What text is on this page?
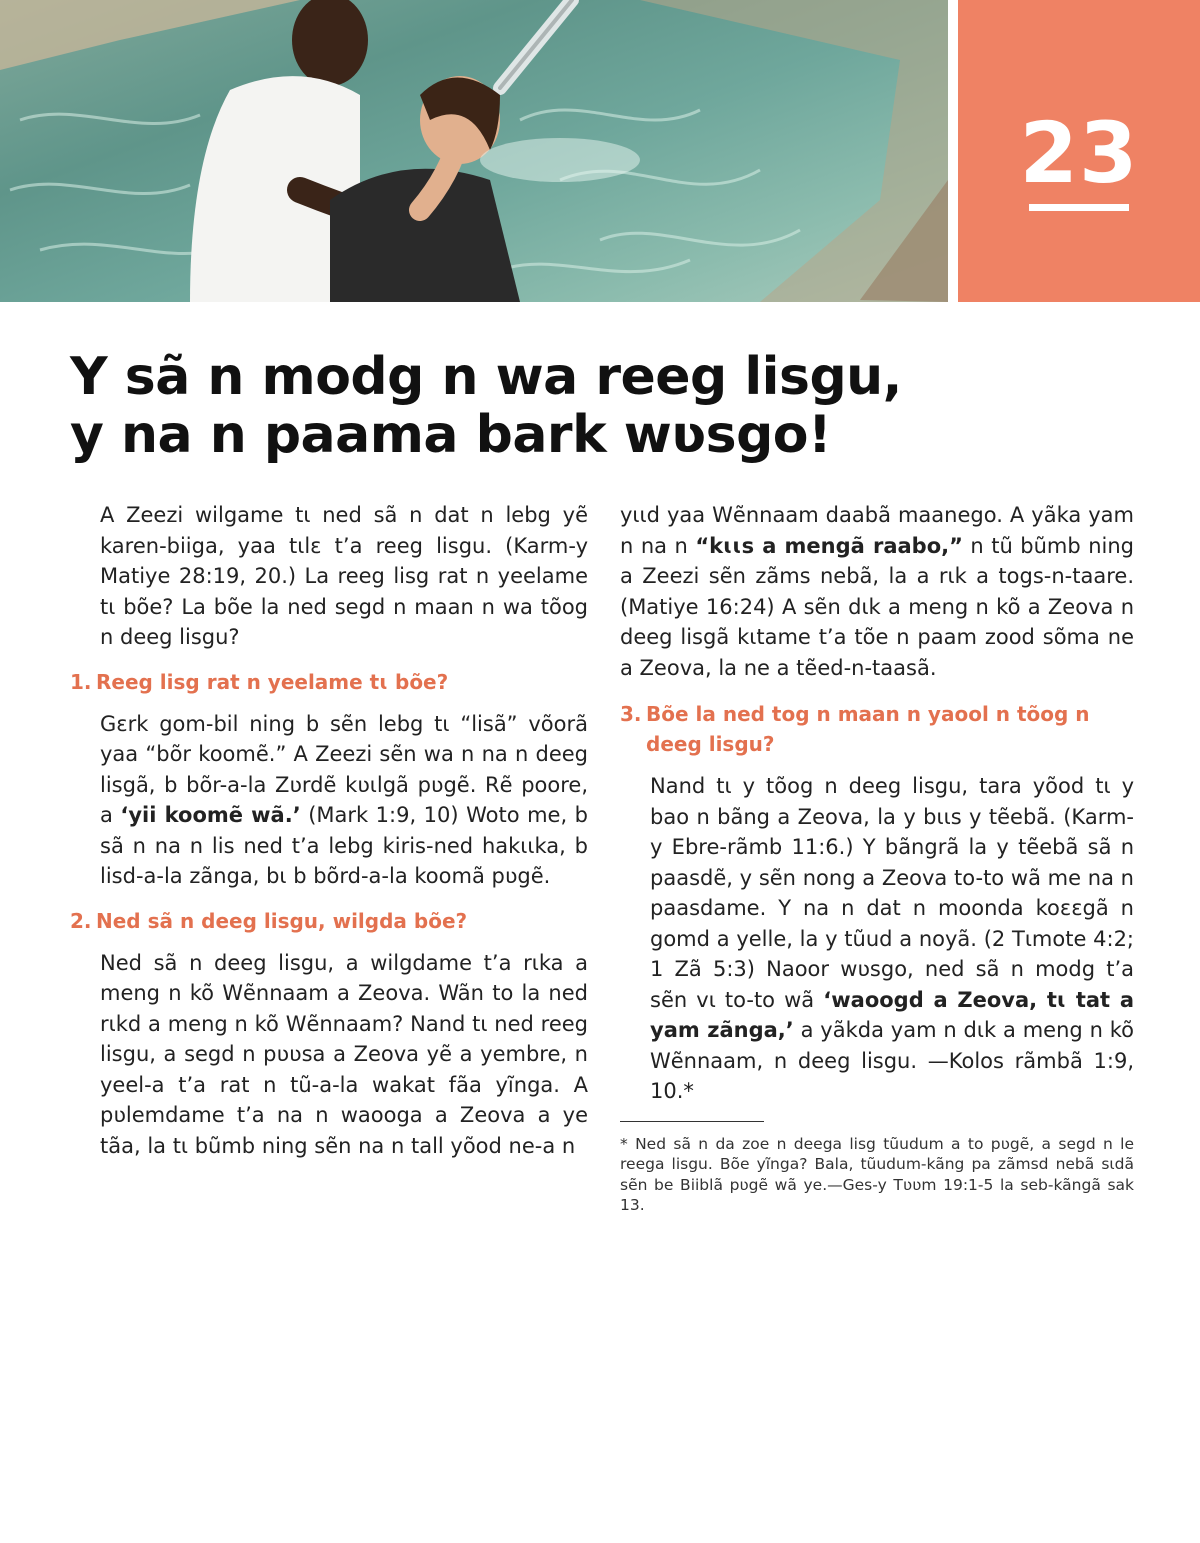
23
Y sã n modg n wa reeg lisgu,
y na n paama bark wʋsgo!

A Zeezi wilgame tɩ ned sã n dat n lebg yẽ karen-biiga, yaa tɩlɛ t’a reeg lisgu. (Karm-y Matiye 28:19, 20.) La reeg lisg rat n yeelame tɩ bõe? La bõe la ned segd n maan n wa tõog n deeg lisgu?

1. Reeg lisg rat n yeelame tɩ bõe?

Gɛrk gom-bil ning b sẽn lebg tɩ “lisã” võorã yaa “bõr koomẽ.” A Zeezi sẽn wa n na n deeg lisgã, b bõr-a-la Zʋrdẽ kʋɩlgã pʋgẽ. Rẽ poore, a ‘yii koomẽ wã.’ (Mark 1:9, 10) Woto me, b sã n na n lis ned t’a lebg kiris-ned hakɩɩka, b lisd-a-la zãnga, bɩ b bõrd-a-la koomã pʋgẽ.

2. Ned sã n deeg lisgu, wilgda bõe?

Ned sã n deeg lisgu, a wilgdame t’a rɩka a meng n kõ Wẽnnaam a Zeova. Wãn to la ned rɩkd a meng n kõ Wẽnnaam? Nand tɩ ned reeg lisgu, a segd n pʋʋsa a Zeova yẽ a yembre, n yeel-a t’a rat n tũ-a-la wakat fãa yĩnga. A pʋlemdame t’a na n waooga a Zeova a ye tãa, la tɩ bũmb ning sẽn na n tall yõod ne-a n

yɩɩd yaa Wẽnnaam daabã maanego. A yãka yam n na n “kɩɩs a mengã raabo,” n tũ bũmb ning a Zeezi sẽn zãms nebã, la a rɩk a togs-n-taare. (Matiye 16:24) A sẽn dɩk a meng n kõ a Zeova n deeg lisgã kɩtame t’a tõe n paam zood sõma ne a Zeova, la ne a tẽed-n-taasã.

3. Bõe la ned tog n maan n yaool n tõog n deeg lisgu?

Nand tɩ y tõog n deeg lisgu, tara yõod tɩ y bao n bãng a Zeova, la y bɩɩs y tẽebã. (Karm-y Ebre-rãmb 11:6.) Y bãngrã la y tẽebã sã n paasdẽ, y sẽn nong a Zeova to-to wã me na n paasdame. Y na n dat n moonda koɛɛgã n gomd a yelle, la y tũud a noyã. (2 Tɩmote 4:2; 1 Zã 5:3) Naoor wʋsgo, ned sã n modg t’a sẽn vɩ to-to wã ‘waoogd a Zeova, tɩ tat a yam zãnga,’ a yãkda yam n dɩk a meng n kõ Wẽnnaam, n deeg lisgu. —Kolos rãmbã 1:9, 10.*

* Ned sã n da zoe n deega lisg tũudum a to pʋgẽ, a segd n le reega lisgu. Bõe yĩnga? Bala, tũudum-kãng pa zãmsd nebã sɩdã sẽn be Biiblã pʋgẽ wã ye.—Ges-y Tʋʋm 19:1-5 la seb-kãngã sak 13.
